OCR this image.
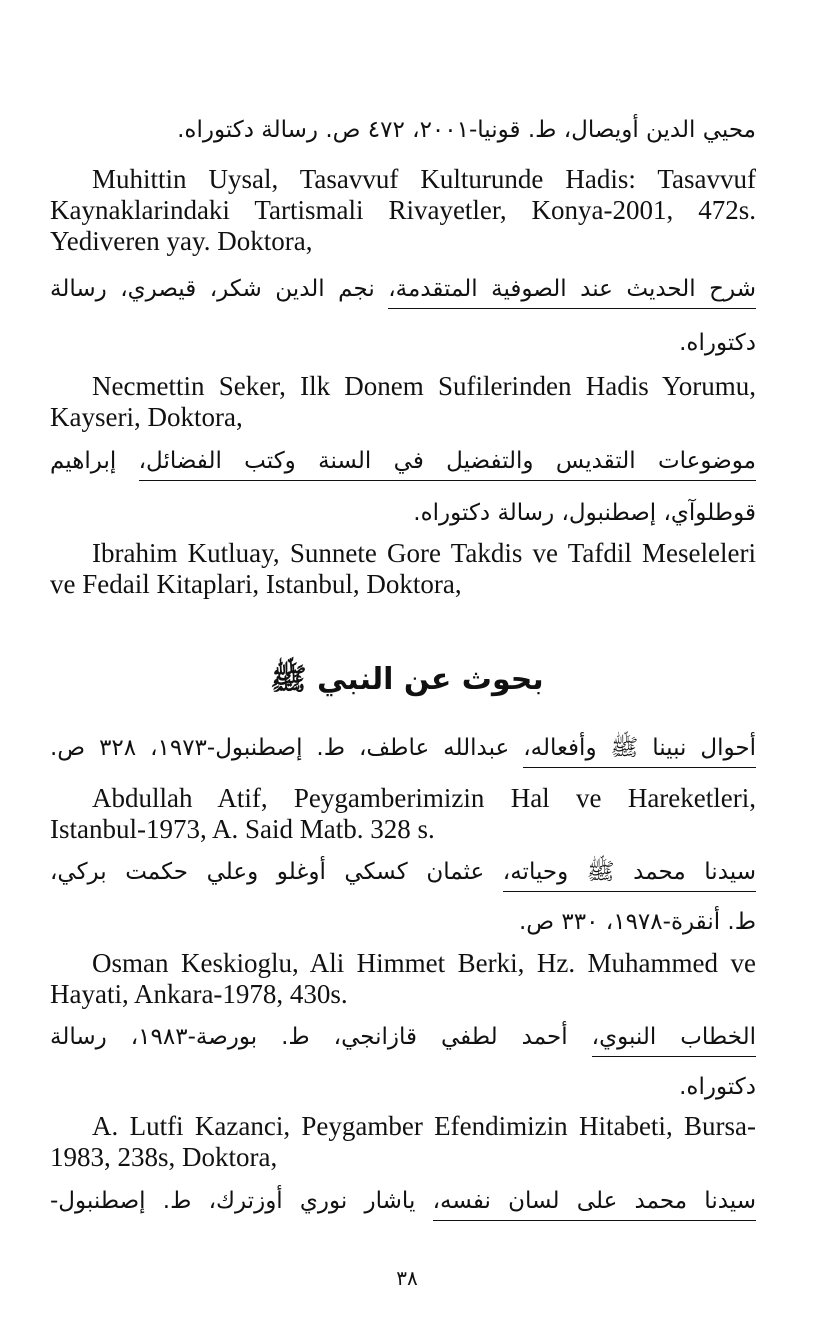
محيي الدين أويصال، ط. قونيا-٢٠٠١، ٤٧٢ ص. رسالة دكتوراه.
Muhittin Uysal, Tasavvuf Kulturunde Hadis: Tasavvuf Kaynaklarindaki Tartismali Rivayetler, Konya-2001, 472s. Yediveren yay. Doktora,
شرح الحديث عند الصوفية المتقدمة، نجم الدين شكر، قيصري، رسالة
دكتوراه.
Necmettin Seker, Ilk Donem Sufilerinden Hadis Yorumu, Kayseri, Doktora,
موضوعات التقديس والتفضيل في السنة وكتب الفضائل، إبراهيم
قوطلوآي، إصطنبول، رسالة دكتوراه.
Ibrahim Kutluay, Sunnete Gore Takdis ve Tafdil Meseleleri ve Fedail Kitaplari, Istanbul, Doktora,
بحوث عن النبي ﷺ
أحوال نبينا ﷺ وأفعاله، عبدالله عاطف، ط. إصطنبول-١٩٧٣، ٣٢٨ ص.
Abdullah Atif, Peygamberimizin Hal ve Hareketleri, Istanbul-1973, A. Said Matb. 328 s.
سيدنا محمد ﷺ وحياته، عثمان كسكي أوغلو وعلي حكمت بركي،
ط. أنقرة-١٩٧٨، ٣٣٠ ص.
Osman Keskioglu, Ali Himmet Berki, Hz. Muhammed ve Hayati, Ankara-1978, 430s.
الخطاب النبوي، أحمد لطفي قازانجي، ط. بورصة-١٩٨٣، رسالة
دكتوراه.
A. Lutfi Kazanci, Peygamber Efendimizin Hitabeti, Bursa-1983, 238s, Doktora,
سيدنا محمد على لسان نفسه، ياشار نوري أوزترك، ط. إصطنبول-
٣٨
